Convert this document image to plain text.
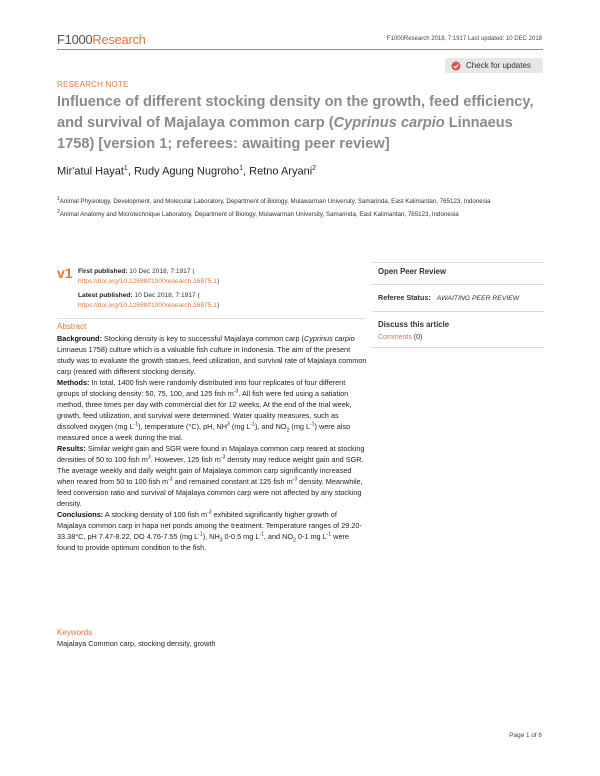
F1000Research	F1000Research 2018, 7:1917 Last updated: 10 DEC 2018
Check for updates
RESEARCH NOTE
Influence of different stocking density on the growth, feed efficiency, and survival of Majalaya common carp (Cyprinus carpio Linnaeus 1758) [version 1; referees: awaiting peer review]
Mir'atul Hayat$^1$, Rudy Agung Nugroho$^1$, Retno Aryani$^2$
$^1$Animal Physiology, Development, and Molecular Laboratory, Department of Biology, Mulawarman University, Samarinda, East Kalimantan, 765123, Indonesia
$^2$Animal Anatomy and Microtechnique Laboratory, Department of Biology, Mulawarman University, Samarinda, East Kalimantan, 765123, Indonesia
v1 First published: 10 Dec 2018, 7:1917 (
https://doi.org/10.12688/f1000research.16875.1)
Latest published: 10 Dec 2018, 7:1917 (
https://doi.org/10.12688/f1000research.16875.1)
Open Peer Review
Referee Status: AWAITING PEER REVIEW
Discuss this article
Comments (0)
Abstract

Background: Stocking density is key to successful Majalaya common carp (Cyprinus carpio Linnaeus 1758) culture which is a valuable fish culture in Indonesia. The aim of the present study was to evaluate the growth statues, feed utilization, and survival rate of Majalaya common carp (reared with different stocking density.

Methods: In total, 1400 fish were randomly distributed into four replicates of four different groups of stocking density: 50, 75, 100, and 125 fish $m^{-3}$. All fish were fed using a satiation method, three times per day with commercial diet for 12 weeks. At the end of the trial week, growth, feed utilization, and survival were determined. Water quality measures, such as dissolved oxygen (mg $L^{-1}$), temperature (°C), pH, $NH^3$ (mg $L^{-1}$), and $NO_2$ (mg $L^{-1}$) were also measured once a week during the trial.

Results: Similar weight gain and SGR were found in Majalaya common carp reared at stocking densities of 50 to 100 fish $m^3$. However, 125 fish $m^{-3}$ density may reduce weight gain and SGR. The average weekly and daily weight gain of Majalaya common carp significantly increased when reared from 50 to 100 fish $m^{-3}$ and remained constant at 125 fish $m^{-3}$ density. Meanwhile, feed conversion ratio and survival of Majalaya common carp were not affected by any stocking density.

Conclusions: A stocking density of 100 fish $m^{-3}$ exhibited significantly higher growth of Majalaya common carp in hapa net ponds among the treatment. Temperature ranges of 29.20-33.38°C, pH 7.47-8.22, DO 4.76-7.55 (mg $L^{-1}$), $NH_3$ 0-0.5 mg $L^{-1}$, and $NO_2$ 0-1 mg $L^{-1}$ were found to provide optimum condition to the fish.

Keywords
Majalaya Common carp, stocking density, growth
Page 1 of 6
